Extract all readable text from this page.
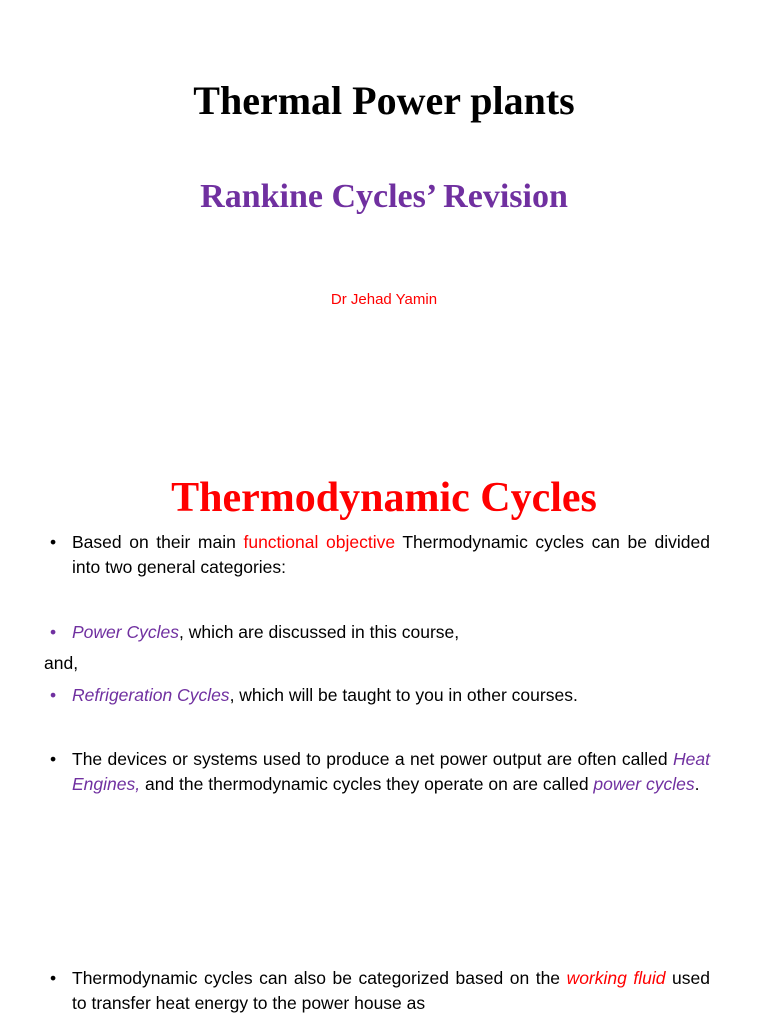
Thermal Power plants
Rankine Cycles’ Revision
Dr Jehad Yamin
Thermodynamic Cycles
• Based on their main functional objective Thermodynamic cycles can be divided into two general categories:
• Power Cycles, which are discussed in this course,
and,
• Refrigeration Cycles, which will be taught to you in other courses.
• The devices or systems used to produce a net power output are often called Heat Engines, and the thermodynamic cycles they operate on are called power cycles.
• Thermodynamic cycles can also be categorized based on the working fluid used to transfer heat energy to the power house as
